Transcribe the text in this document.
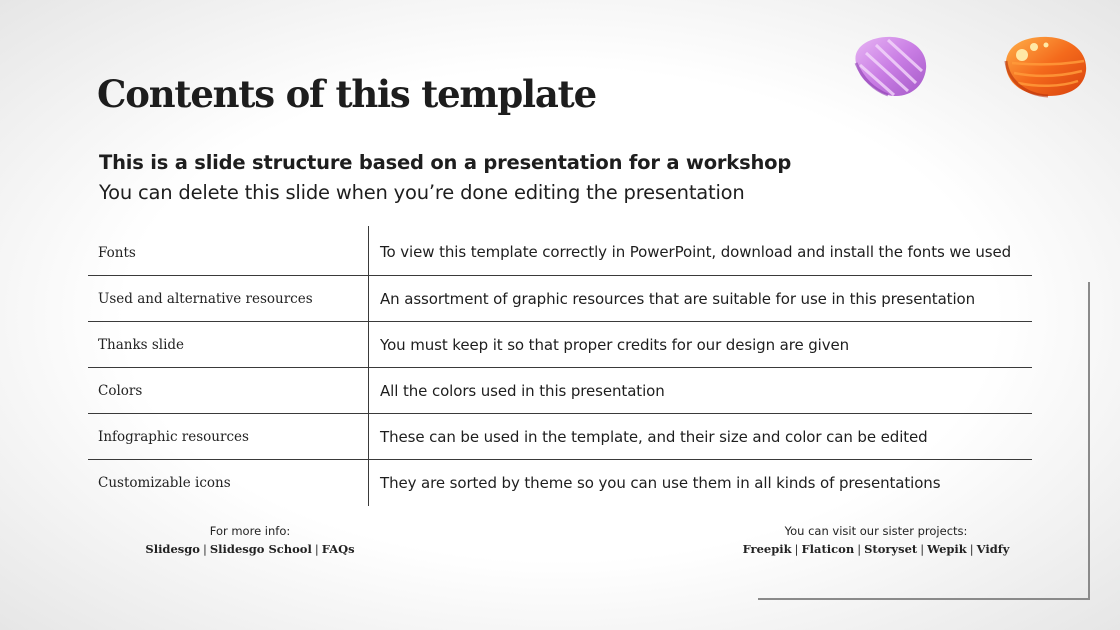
Contents of this template
This is a slide structure based on a presentation for a workshop
You can delete this slide when you’re done editing the presentation
Fonts	To view this template correctly in PowerPoint, download and install the fonts we used
Used and alternative resources	An assortment of graphic resources that are suitable for use in this presentation
Thanks slide	You must keep it so that proper credits for our design are given
Colors	All the colors used in this presentation
Infographic resources	These can be used in the template, and their size and color can be edited
Customizable icons	They are sorted by theme so you can use them in all kinds of presentations
For more info:
Slidesgo | Slidesgo School | FAQs
You can visit our sister projects:
Freepik | Flaticon | Storyset | Wepik | Vidfy
